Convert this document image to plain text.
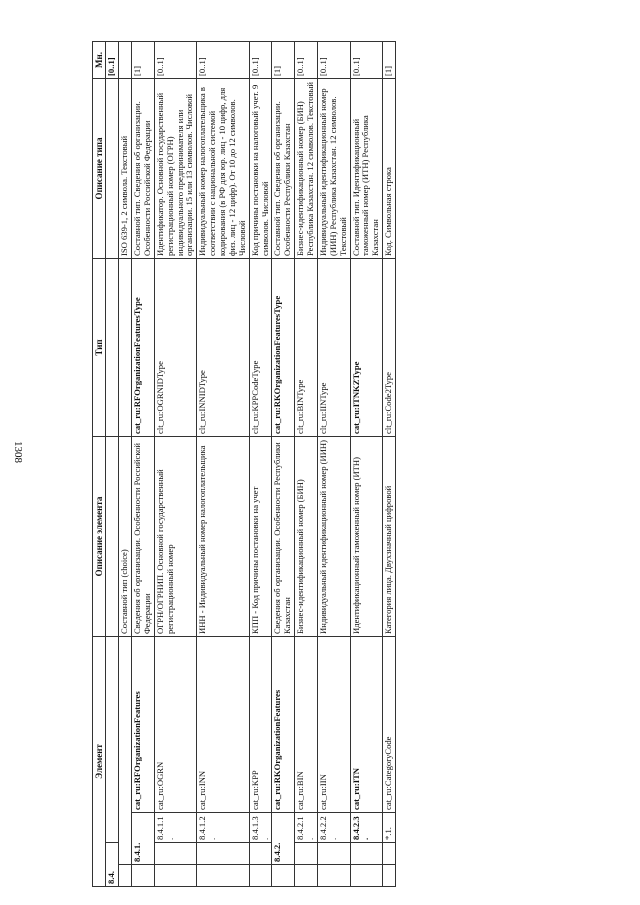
1308
Элемент				Описание элемента	Тип	Описание типа	Мн.
8.4.							[0..1]
				Составной тип (choice)		ISO 639-1, 2 символа. Текстовый	
	8.4.1.		cat_ru:RFOrganizationFeatures	Сведения об организации. Особенности Российской Федерации	cat_ru:RFOrganizationFeaturesType	Составной тип. Сведения об организации. Особенности Российской Федерации	[1]
		8.4.1.1.	cat_ru:OGRN	ОГРН/ОГРНИП. Основной государственный регистрационный номер	clt_ru:OGRNIDType	Идентификатор. Основной государственный регистрационный номер (ОГРН) индивидуального предпринимателя или организации. 15 или 13 символов. Числовой	[0..1]
		8.4.1.2.	cat_ru:INN	ИНН - Индивидуальный номер налогоплательщика	clt_ru:INNIDType	Индивидуальный номер налогоплательщика в соответствии с национальной системой кодирования (в РФ для юр. лиц - 10 цифр, для физ. лиц - 12 цифр). От 10 до 12 символов. Числовой	[0..1]
		8.4.1.3.	cat_ru:KPP	КПП - Код причины постановки на учет	clt_ru:KPPCodeType	Код причины постановки на налоговый учет. 9 символов. Числовой	[0..1]
	8.4.2.		cat_ru:RKOrganizationFeatures	Сведения об организации. Особенности Республики Казахстан	cat_ru:RKOrganizationFeaturesType	Составной тип. Сведения об организации. Особенности Республики Казахстан	[1]
		8.4.2.1.	cat_ru:BIN	Бизнес-идентификационный номер (БИН)	clt_ru:BINType	Бизнес-идентификационный номер (БИН) Республика Казахстан. 12 символов. Текстовый	[0..1]
		8.4.2.2.	cat_ru:IIN	Индивидуальный идентификационный номер (ИИН)	clt_ru:IINType	Индивидуальный идентификационный номер (ИИН) Республика Казахстан. 12 символов. Текстовый	[0..1]
		8.4.2.3.	cat_ru:ITN	Идентификационный таможенный номер (ИТН)	cat_ru:ITNKZType	Составной тип. Идентификационный таможенный номер (ИТН) Республика Казахстан	[0..1]
		*.1.	cat_ru:CategoryCode	Категория лица. Двухзначный цифровой	clt_ru:Code2Type	Код. Символьная строка	[1]
